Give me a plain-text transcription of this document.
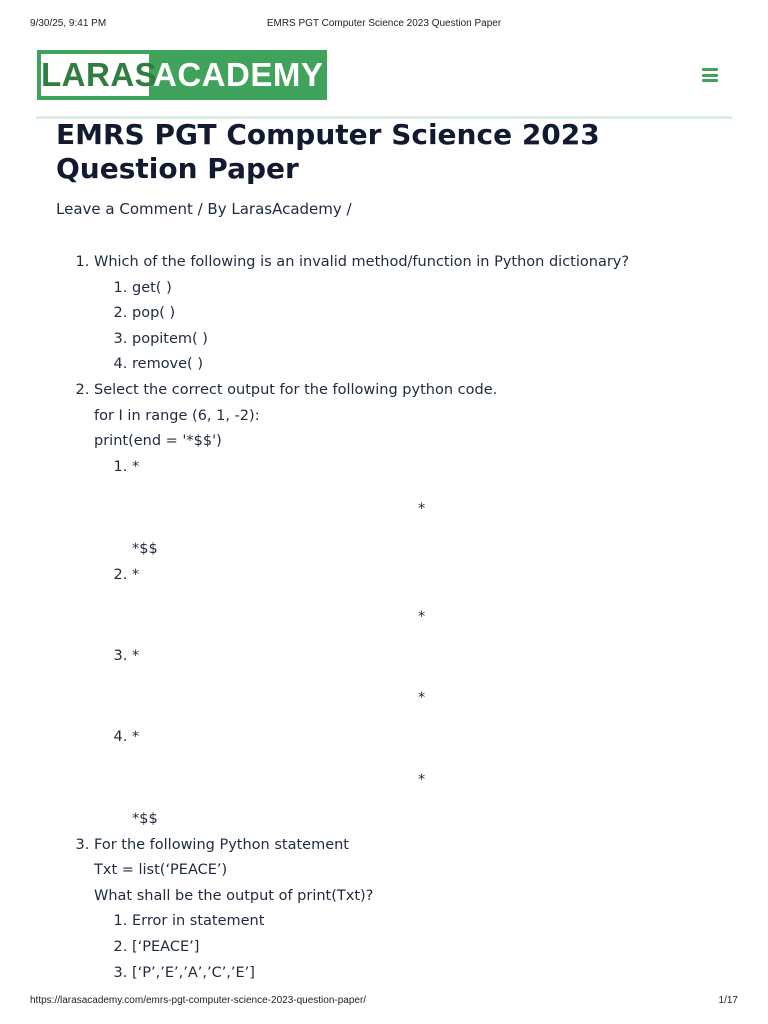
9/30/25, 9:41 PM	EMRS PGT Computer Science 2023 Question Paper
LARAS
ACADEMY
EMRS PGT Computer Science 2023 Question Paper
Leave a Comment / By LarasAcademy /
1. Which of the following is an invalid method/function in Python dictionary?
1. get( )
2. pop( )
3. popitem( )
4. remove( )
2. Select the correct output for the following python code.
for I in range (6, 1, -2):
print(end = '*$$')
1. *
*
*$$
2. *
*
3. *
*
4. *
*
*$$
3. For the following Python statement
Txt = list(‘PEACE’)
What shall be the output of print(Txt)?
1. Error in statement
2. [‘PEACE’]
3. [‘P’,’E’,’A’,’C’,’E’]
https://larasacademy.com/emrs-pgt-computer-science-2023-question-paper/	1/17
